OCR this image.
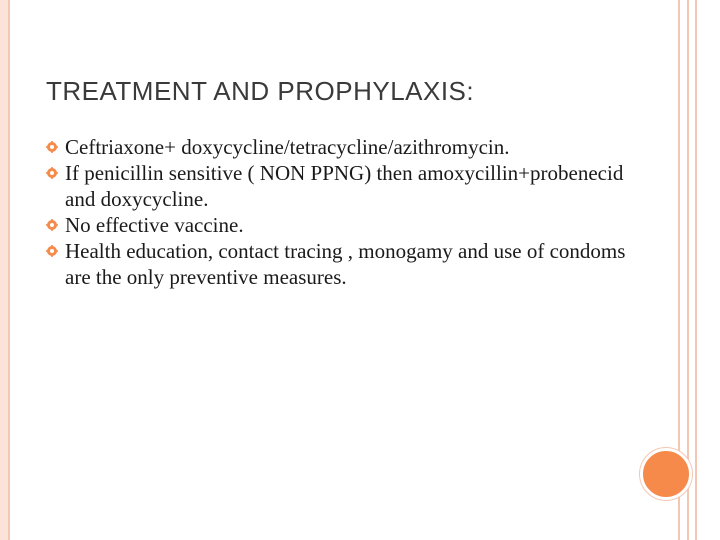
TREATMENT AND PROPHYLAXIS:
Ceftriaxone+ doxycycline/tetracycline/azithromycin.
If penicillin sensitive ( NON PPNG) then amoxycillin+probenecid and doxycycline.
No effective vaccine.
Health education, contact tracing , monogamy and use of condoms are the only preventive measures.
